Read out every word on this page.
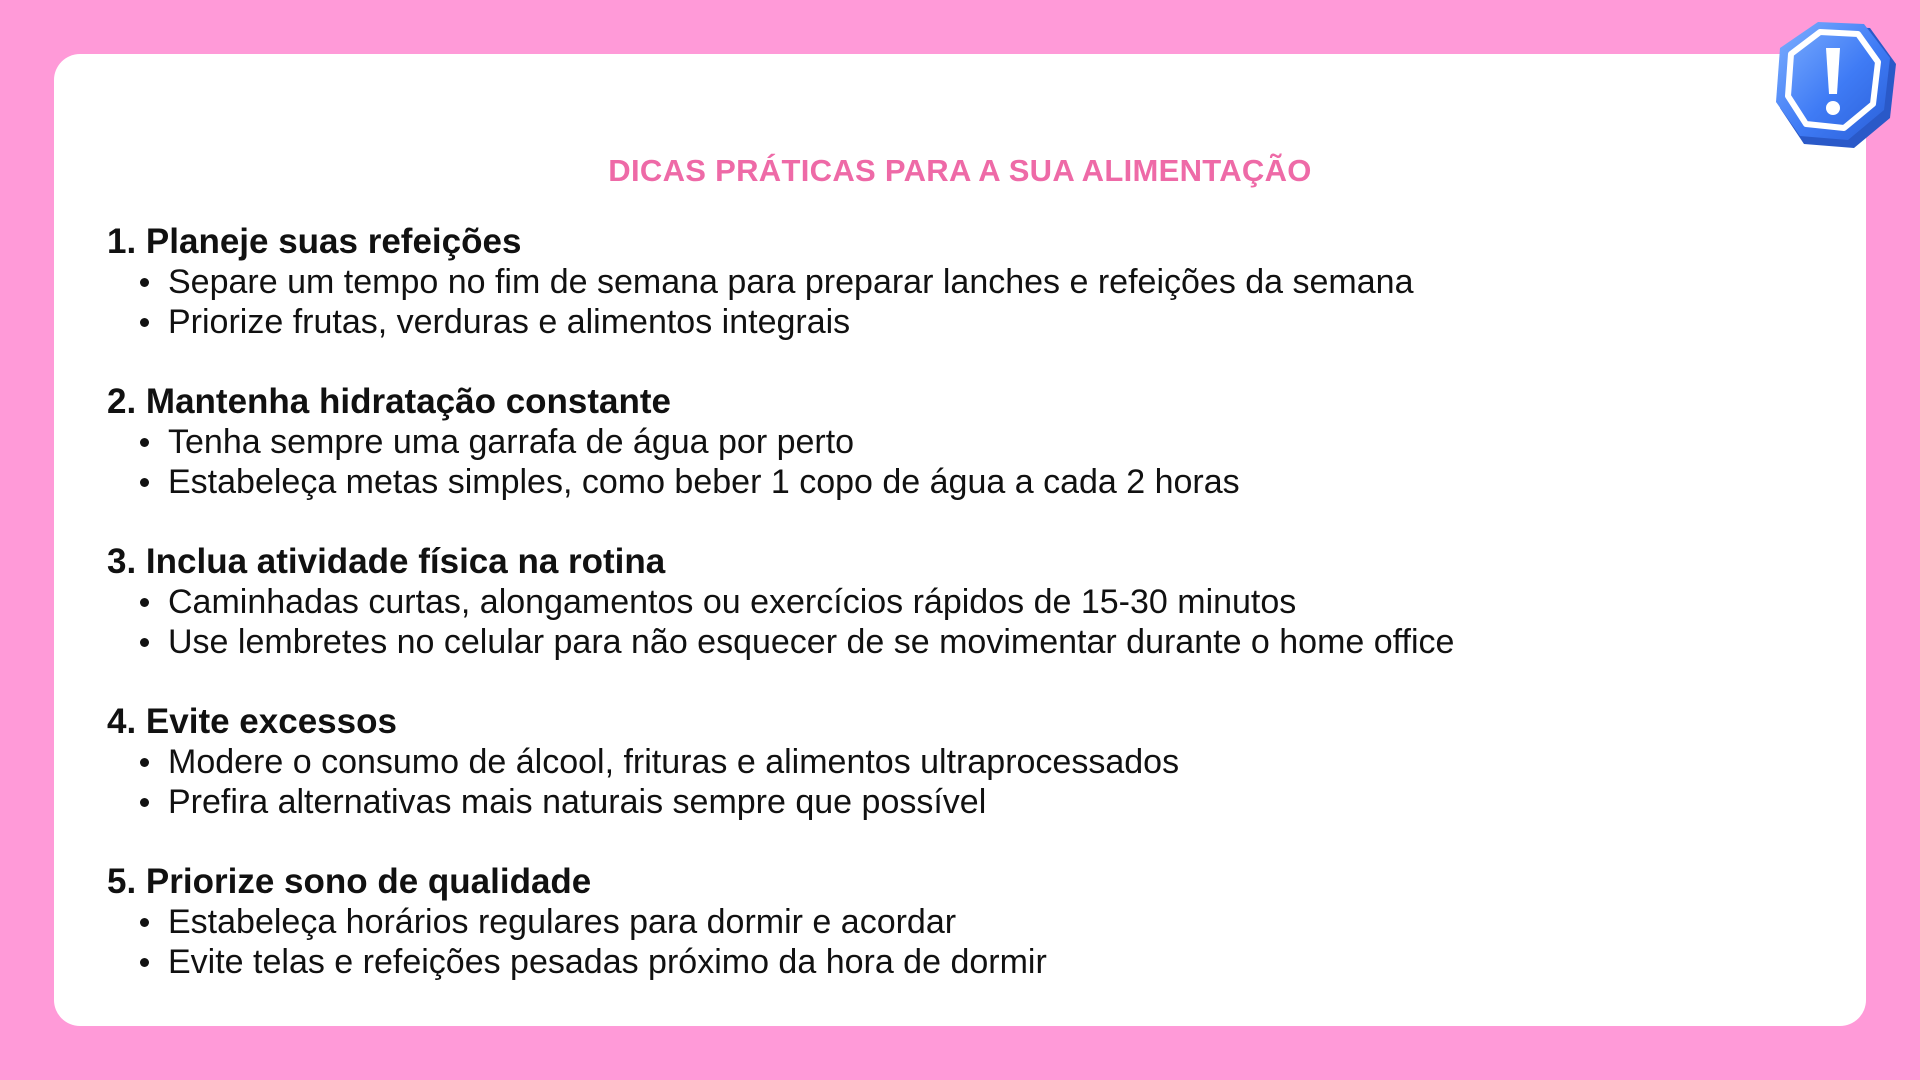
DICAS PRÁTICAS PARA A SUA ALIMENTAÇÃO

1. Planeje suas refeições

Separe um tempo no fim de semana para preparar lanches e refeições da semana
Priorize frutas, verduras e alimentos integrais

2. Mantenha hidratação constante

Tenha sempre uma garrafa de água por perto
Estabeleça metas simples, como beber 1 copo de água a cada 2 horas

3. Inclua atividade física na rotina

Caminhadas curtas, alongamentos ou exercícios rápidos de 15-30 minutos
Use lembretes no celular para não esquecer de se movimentar durante o home office

4. Evite excessos

Modere o consumo de álcool, frituras e alimentos ultraprocessados
Prefira alternativas mais naturais sempre que possível

5. Priorize sono de qualidade

Estabeleça horários regulares para dormir e acordar
Evite telas e refeições pesadas próximo da hora de dormir
